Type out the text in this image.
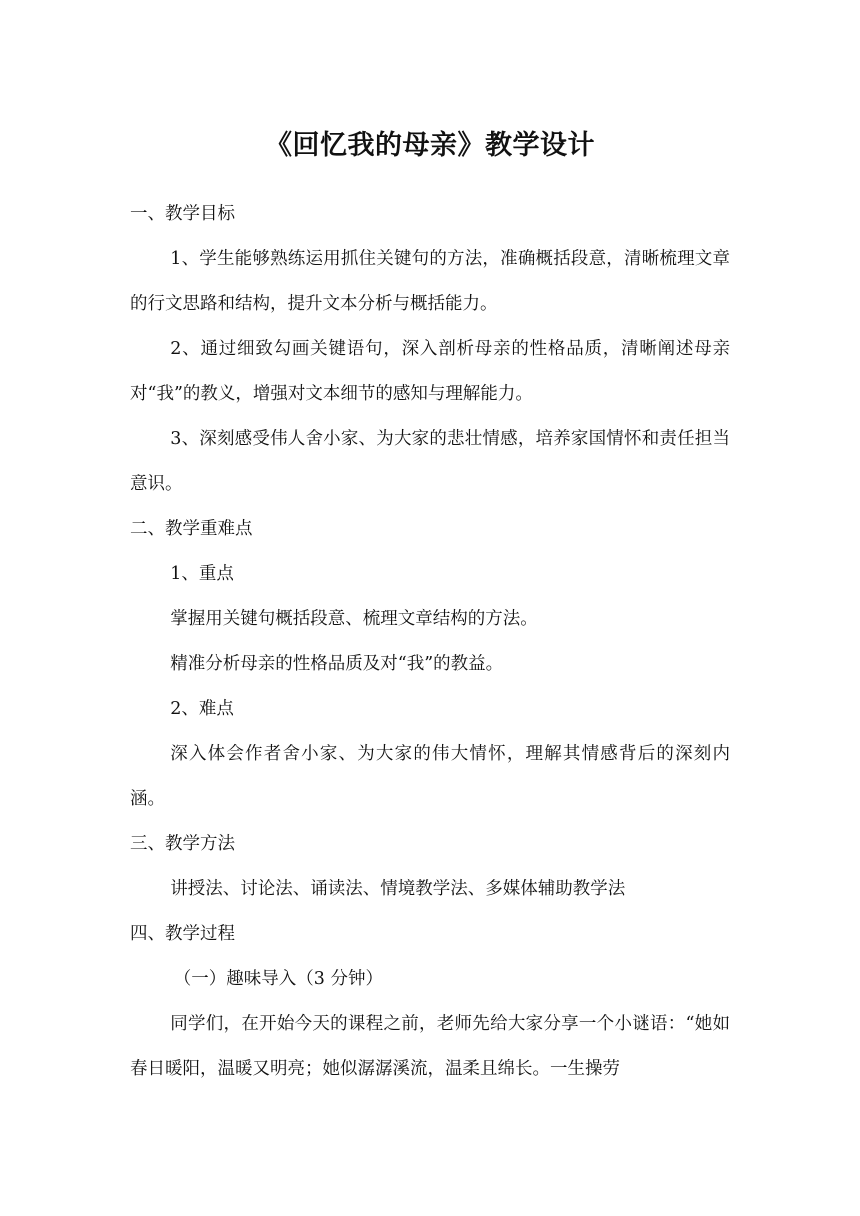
《回忆我的母亲》教学设计

一、教学目标

1、学生能够熟练运用抓住关键句的方法，准确概括段意，清晰梳理文章的行文思路和结构，提升文本分析与概括能力。

2、通过细致勾画关键语句，深入剖析母亲的性格品质，清晰阐述母亲对“我”的教义，增强对文本细节的感知与理解能力。

3、深刻感受伟人舍小家、为大家的悲壮情感，培养家国情怀和责任担当意识。

二、教学重难点

1、重点

掌握用关键句概括段意、梳理文章结构的方法。

精准分析母亲的性格品质及对“我”的教益。

2、难点

深入体会作者舍小家、为大家的伟大情怀，理解其情感背后的深刻内涵。

三、教学方法

讲授法、讨论法、诵读法、情境教学法、多媒体辅助教学法

四、教学过程

（一）趣味导入（3 分钟）

同学们，在开始今天的课程之前，老师先给大家分享一个小谜语：“她如春日暖阳，温暖又明亮；她似潺潺溪流，温柔且绵长。一生操劳
